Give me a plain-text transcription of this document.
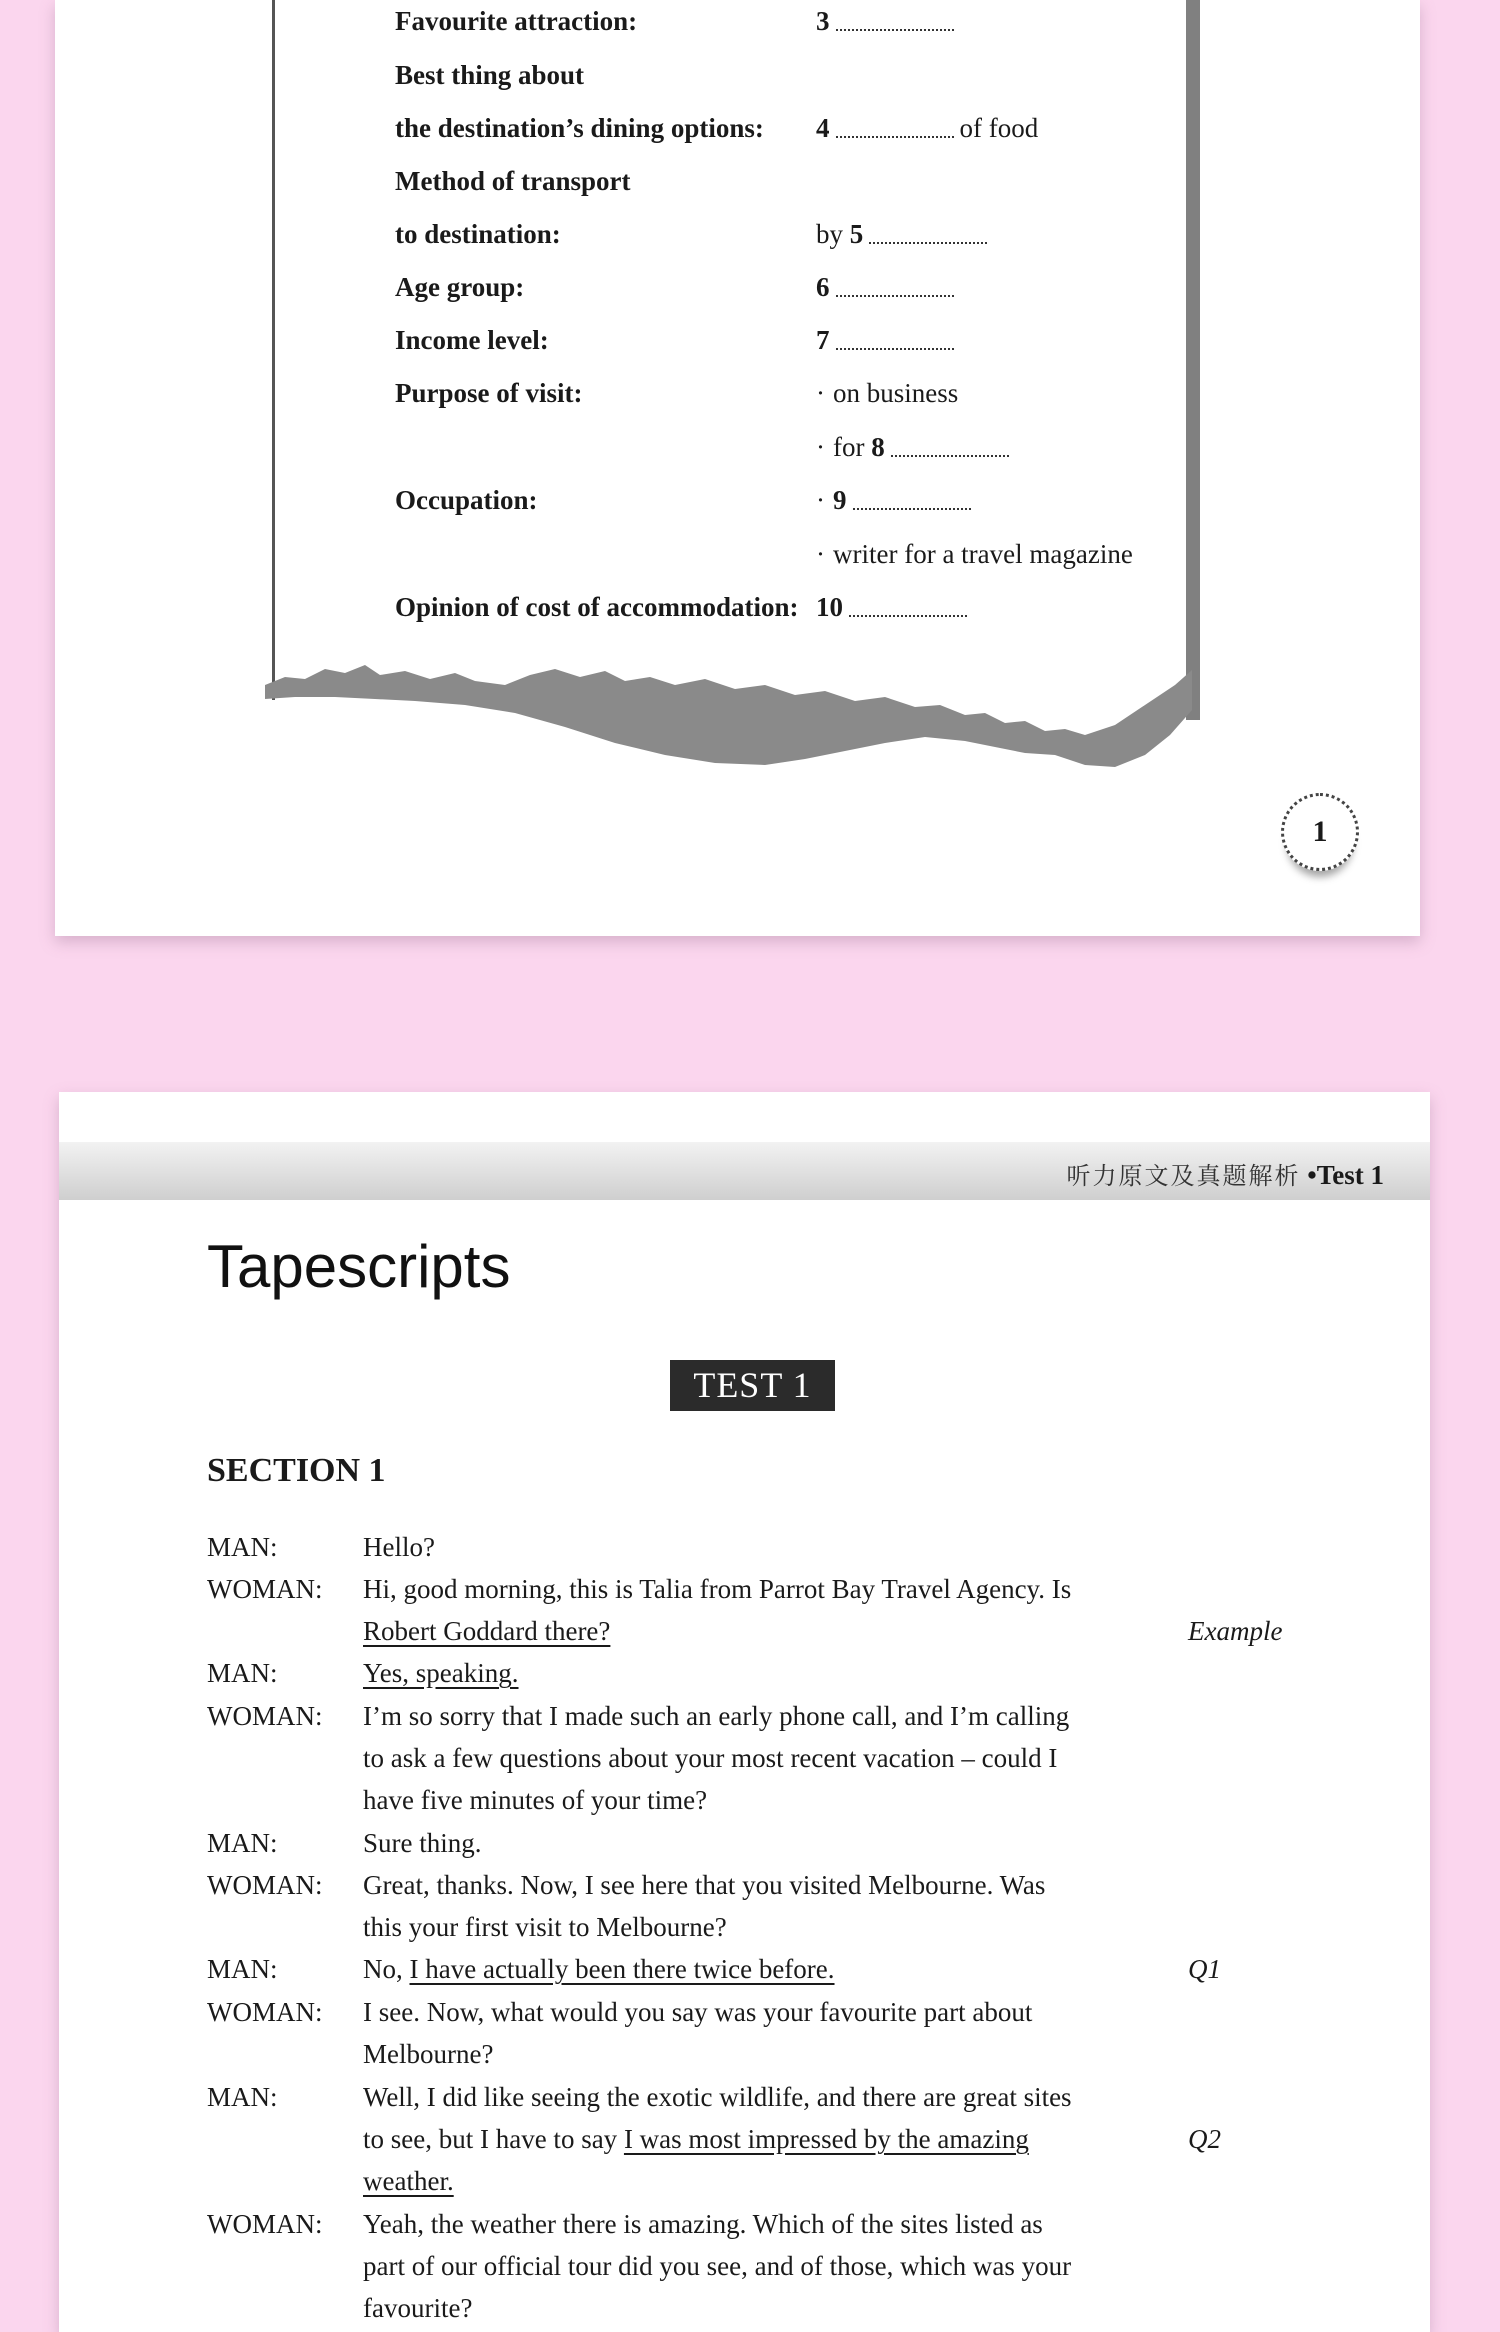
Favourite attraction:	3
Best thing about
the destination’s dining options: 4	of food
Method of transport
to destination:	by 5
Age group:	6
Income level:	7
Purpose of visit:	· on business
· for 8
Occupation:	· 9
· writer for a travel magazine
Opinion of cost of accommodation: 10
1
听力原文及真题解析 •Test 1
Tapescripts
TEST 1
SECTION 1
MAN:	Hello?
WOMAN: Hi, good morning, this is Talia from Parrot Bay Travel Agency. Is
Robert Goddard there?	Example
MAN:	Yes, speaking.
WOMAN: I’m so sorry that I made such an early phone call, and I’m calling
to ask a few questions about your most recent vacation – could I
have five minutes of your time?
MAN:	Sure thing.
WOMAN: Great, thanks. Now, I see here that you visited Melbourne. Was
this your first visit to Melbourne?
MAN:	No, I have actually been there twice before.	Q1
WOMAN: I see. Now, what would you say was your favourite part about
Melbourne?
MAN:	Well, I did like seeing the exotic wildlife, and there are great sites
to see, but I have to say I was most impressed by the amazing	Q2
weather.
WOMAN: Yeah, the weather there is amazing. Which of the sites listed as
part of our official tour did you see, and of those, which was your
favourite?
